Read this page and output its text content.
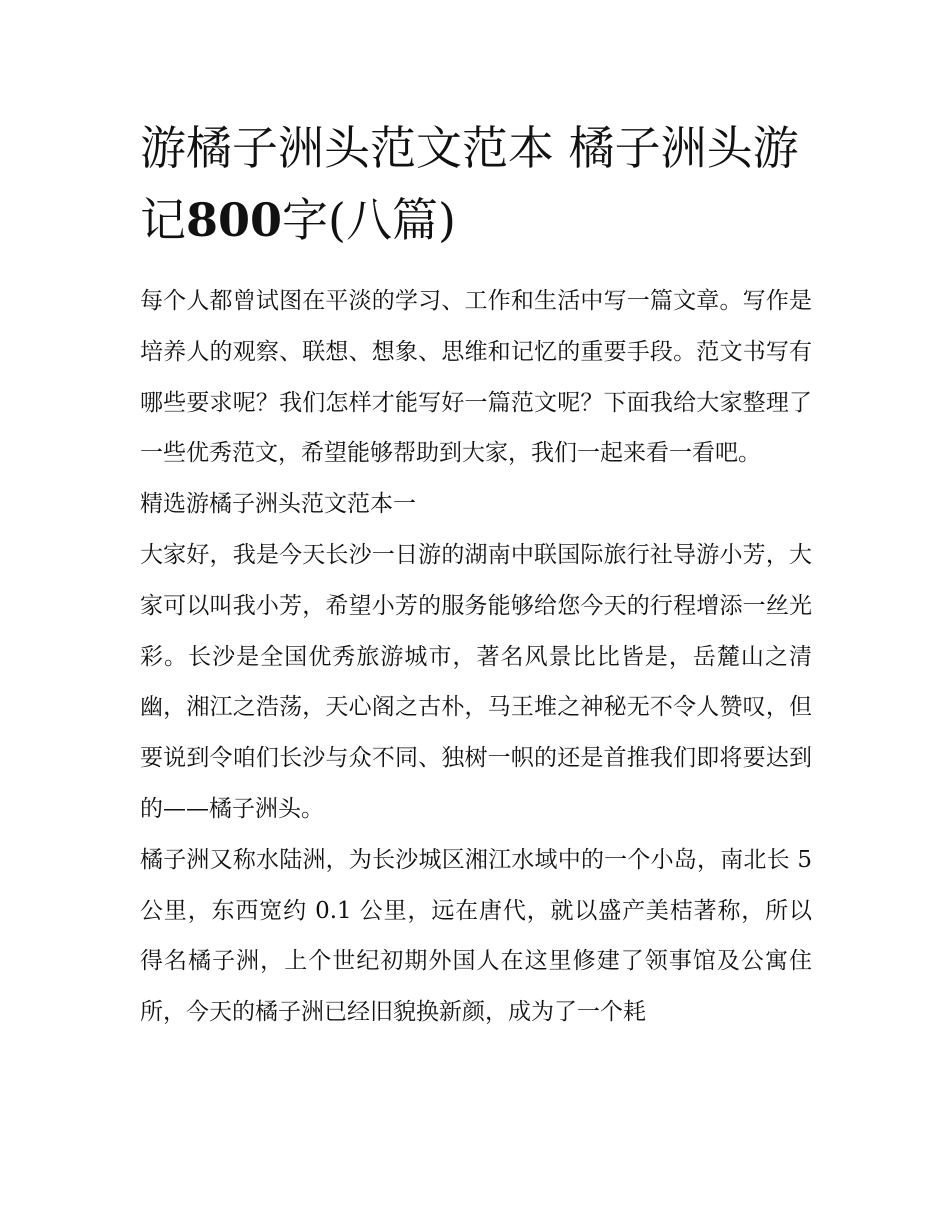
游橘子洲头范文范本 橘子洲头游记800字(八篇)

每个人都曾试图在平淡的学习、工作和生活中写一篇文章。写作是培养人的观察、联想、想象、思维和记忆的重要手段。范文书写有哪些要求呢？我们怎样才能写好一篇范文呢？下面我给大家整理了一些优秀范文，希望能够帮助到大家，我们一起来看一看吧。

精选游橘子洲头范文范本一

大家好，我是今天长沙一日游的湖南中联国际旅行社导游小芳，大家可以叫我小芳，希望小芳的服务能够给您今天的行程增添一丝光彩。长沙是全国优秀旅游城市，著名风景比比皆是，岳麓山之清幽，湘江之浩荡，天心阁之古朴，马王堆之神秘无不令人赞叹，但要说到令咱们长沙与众不同、独树一帜的还是首推我们即将要达到的——橘子洲头。

橘子洲又称水陆洲，为长沙城区湘江水域中的一个小岛，南北长 5 公里，东西宽约 0.1 公里，远在唐代，就以盛产美桔著称，所以得名橘子洲，上个世纪初期外国人在这里修建了领事馆及公寓住所，今天的橘子洲已经旧貌换新颜，成为了一个耗
